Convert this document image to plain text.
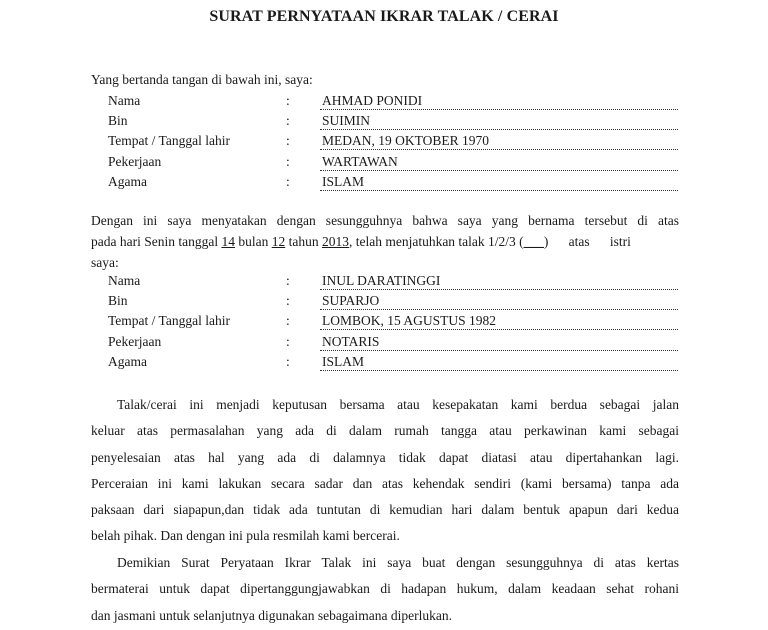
SURAT PERNYATAAN IKRAR TALAK / CERAI
Yang bertanda tangan di bawah ini, saya:
Nama	: AHMAD PONIDI
Bin	: SUIMIN
Tempat / Tanggal lahir	: MEDAN, 19 OKTOBER 1970
Pekerjaan	: WARTAWAN
Agama	: ISLAM
Dengan ini saya menyatakan dengan sesungguhnya bahwa saya yang bernama tersebut di atas
pada hari Senin tanggal 14 bulan 12 tahun 2013, telah menjatuhkan talak 1/2/3 (___)      atas      istri
saya:
Nama	: INUL DARATINGGI
Bin	: SUPARJO
Tempat / Tanggal lahir	: LOMBOK, 15 AGUSTUS 1982
Pekerjaan	: NOTARIS
Agama	: ISLAM
Talak/cerai ini menjadi keputusan bersama atau kesepakatan kami berdua sebagai jalan
keluar atas permasalahan yang ada di dalam rumah tangga atau perkawinan kami sebagai
penyelesaian atas hal yang ada di dalamnya tidak dapat diatasi atau dipertahankan lagi.
Perceraian ini kami lakukan secara sadar dan atas kehendak sendiri (kami bersama) tanpa ada
paksaan dari siapapun,dan tidak ada tuntutan di kemudian hari dalam bentuk apapun dari kedua
belah pihak. Dan dengan ini pula resmilah kami bercerai.
Demikian Surat Peryataan Ikrar Talak ini saya buat dengan sesungguhnya di atas kertas
bermaterai untuk dapat dipertanggungjawabkan di hadapan hukum, dalam keadaan sehat rohani
dan jasmani untuk selanjutnya digunakan sebagaimana diperlukan.
